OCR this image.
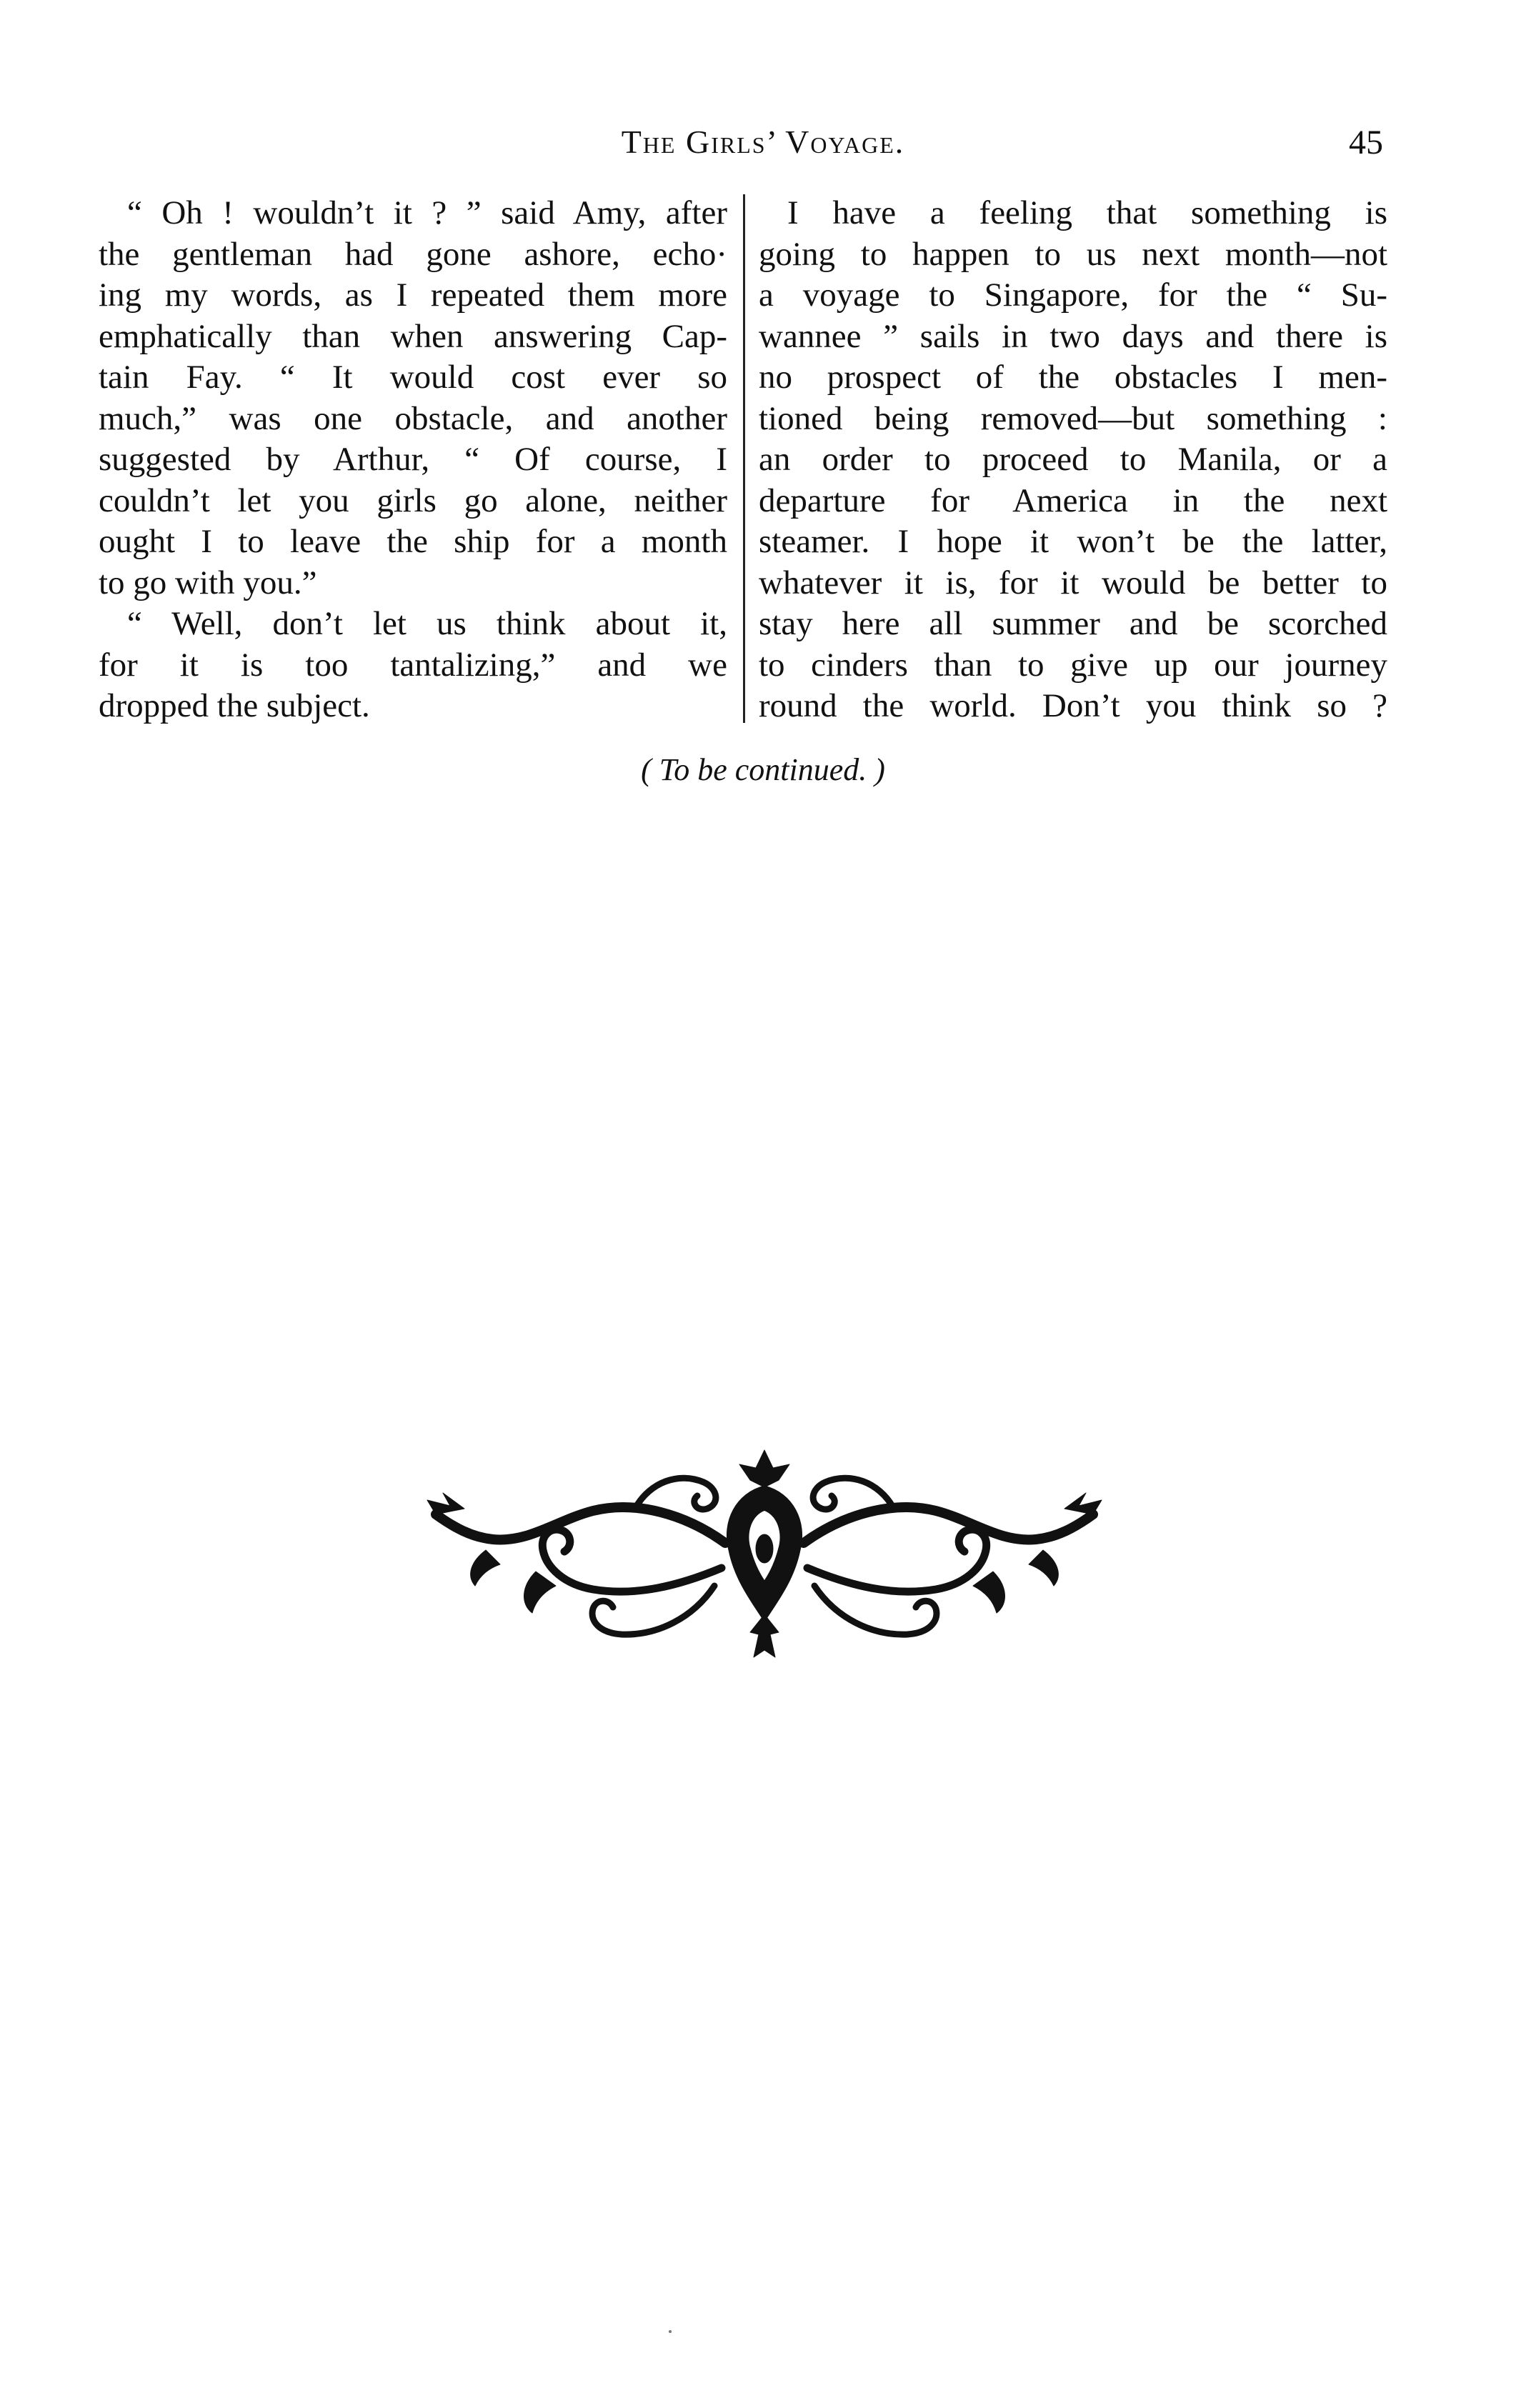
The Girls’ Voyage.	45

“ Oh ! wouldn’t it ? ” said Amy, after

the gentleman had gone ashore, echo·

ing my words, as I repeated them more

emphatically than when answering Cap-

tain Fay. “ It would cost ever so

much,” was one obstacle, and another

suggested by Arthur, “ Of course, I

couldn’t let you girls go alone, neither

ought I to leave the ship for a month

to go with you.”

“ Well, don’t let us think about it,

for it is too tantalizing,” and we

dropped the subject.

I have a feeling that something is

going to happen to us next month—not

a voyage to Singapore, for the “ Su-

wannee ” sails in two days and there is

no prospect of the obstacles I men-

tioned being removed—but something :

an order to proceed to Manila, or a

departure for America in the next

steamer. I hope it won’t be the latter,

whatever it is, for it would be better to

stay here all summer and be scorched

to cinders than to give up our journey

round the world. Don’t you think so ?

( To be continued. )
